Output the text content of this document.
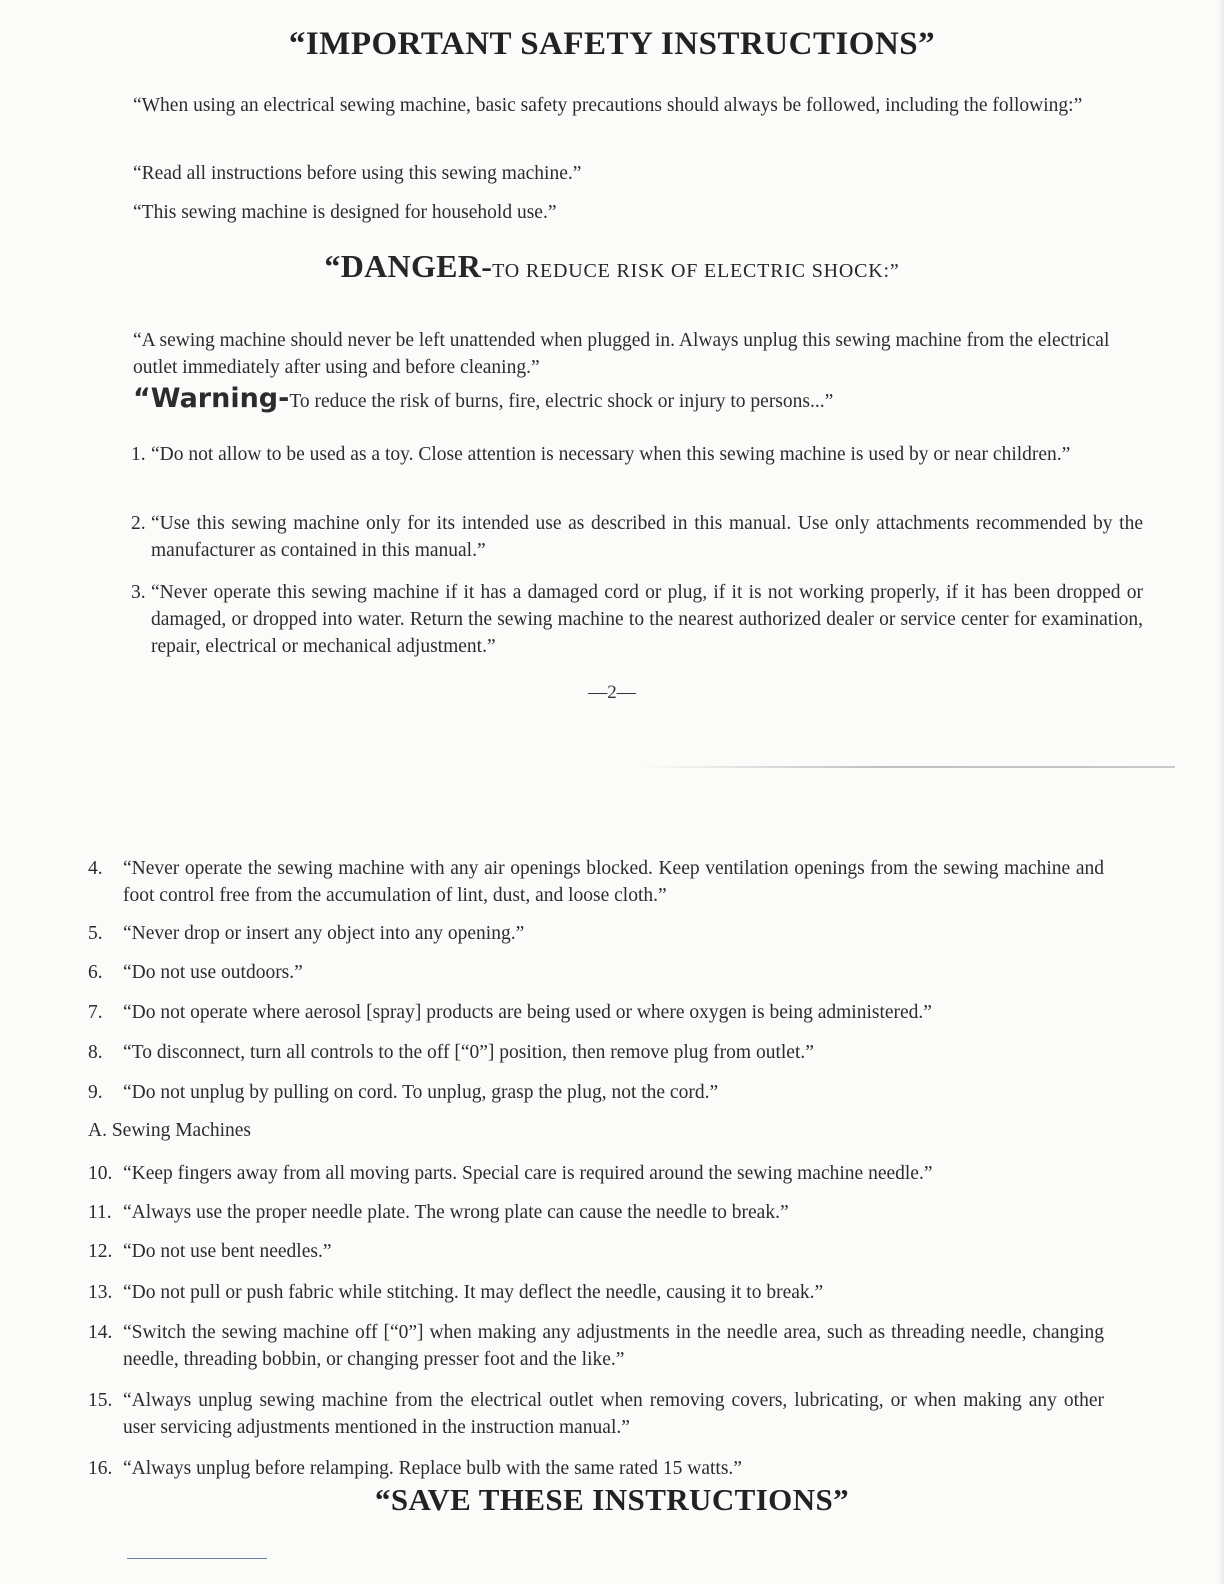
“IMPORTANT SAFETY INSTRUCTIONS”
“When using an electrical sewing machine, basic safety precautions should always be followed, including the following:”
“Read all instructions before using this sewing machine.”
“This sewing machine is designed for household use.”
“DANGER-TO REDUCE RISK OF ELECTRIC SHOCK:”
“A sewing machine should never be left unattended when plugged in. Always unplug this sewing machine from the electrical outlet immediately after using and before cleaning.”
“Warning-To reduce the risk of burns, fire, electric shock or injury to persons...”
1. “Do not allow to be used as a toy. Close attention is necessary when this sewing machine is used by or near children.”
2. “Use this sewing machine only for its intended use as described in this manual. Use only attachments recommended by the manufacturer as contained in this manual.”
3. “Never operate this sewing machine if it has a damaged cord or plug, if it is not working properly, if it has been dropped or damaged, or dropped into water. Return the sewing machine to the nearest authorized dealer or service center for examination, repair, electrical or mechanical adjustment.”
—2—
4.	“Never operate the sewing machine with any air openings blocked. Keep ventilation openings from the sewing machine and foot control free from the accumulation of lint, dust, and loose cloth.”
5.	“Never drop or insert any object into any opening.”
6.	“Do not use outdoors.”
7.	“Do not operate where aerosol [spray] products are being used or where oxygen is being administered.”
8.	“To disconnect, turn all controls to the off [“0”] position, then remove plug from outlet.”
9.	“Do not unplug by pulling on cord. To unplug, grasp the plug, not the cord.”
A. Sewing Machines
10. “Keep fingers away from all moving parts. Special care is required around the sewing machine needle.”
11. “Always use the proper needle plate. The wrong plate can cause the needle to break.”
12. “Do not use bent needles.”
13. “Do not pull or push fabric while stitching. It may deflect the needle, causing it to break.”
14. “Switch the sewing machine off [“0”] when making any adjustments in the needle area, such as threading needle, changing needle, threading bobbin, or changing presser foot and the like.”
15. “Always unplug sewing machine from the electrical outlet when removing covers, lubricating, or when making any other user servicing adjustments mentioned in the instruction manual.”
16. “Always unplug before relamping. Replace bulb with the same rated 15 watts.”
“SAVE THESE INSTRUCTIONS”
